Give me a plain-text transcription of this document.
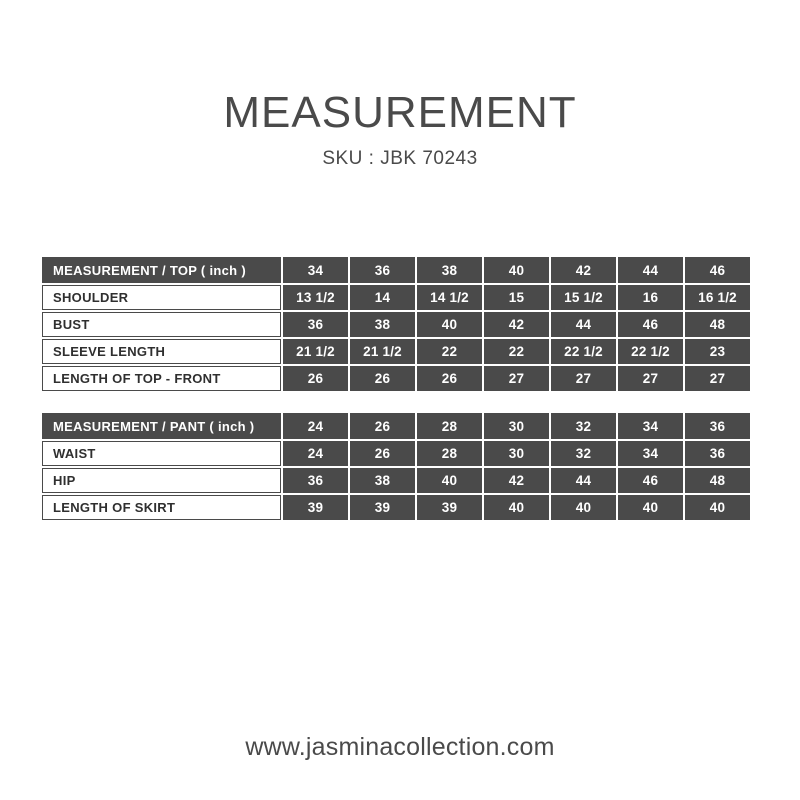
MEASUREMENT
SKU : JBK 70243
MEASUREMENT / TOP ( inch )	34	36	38	40	42	44	46
SHOULDER	13 1/2	14	14 1/2	15	15 1/2	16	16 1/2
BUST	36	38	40	42	44	46	48
SLEEVE LENGTH	21 1/2	21 1/2	22	22	22 1/2	22 1/2	23
LENGTH OF TOP - FRONT	26	26	26	27	27	27	27
MEASUREMENT / PANT ( inch )	24	26	28	30	32	34	36
WAIST	24	26	28	30	32	34	36
HIP	36	38	40	42	44	46	48
LENGTH OF SKIRT	39	39	39	40	40	40	40
www.jasminacollection.com
